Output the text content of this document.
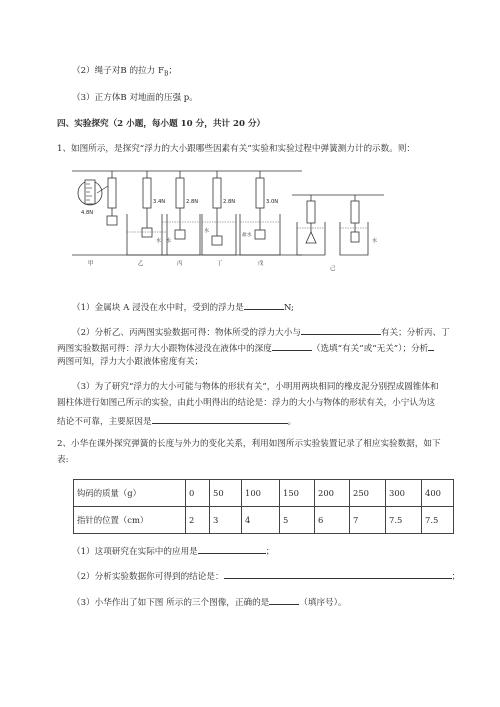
（2）绳子对B 的拉力 $F_B$；
（3）正方体B 对地面的压强 p。
四、实验探究（2 小题，每小题 10 分，共计 20 分）
1、如图所示，是探究“浮力的大小跟哪些因素有关”实验和实验过程中弹簧测力计的示数。则：
4.8N
3.4N
水
2.8N
水
2.8N
水
3.0N
盐水
水
甲	乙	丙	丁	戊
己
（1）金属块 A 浸没在水中时，受到的浮力是	N;
（2）分析乙、丙两图实验数据可得：物体所受的浮力大小与	有关；分析丙、丁
两图实验数据可得：浮力大小跟物体浸没在液体中的深度	（选填“有关”或“无关”）；分析
两图可知，浮力大小跟液体密度有关；
（3）为了研究“浮力的大小可能与物体的形状有关”，小明用两块相同的橡皮泥分别捏成圆锥体和
圆柱体进行如图己所示的实验，由此小明得出的结论是：浮力的大小与物体的形状有关，小宁认为这
结论不可靠，主要原因是	。
2、小华在课外探究弹簧的长度与外力的变化关系，利用如图所示实验装置记录了相应实验数据，如下
表:
钩码的质量（g）	0	50	100	150	200	250	300	400
指针的位置（cm）	2	3	4	5	6	7	7.5	7.5
（1）这项研究在实际中的应用是	；
（2）分析实验数据你可得到的结论是：	；
（3）小华作出了如下图 所示的三个图像，正确的是	（填序号）。
